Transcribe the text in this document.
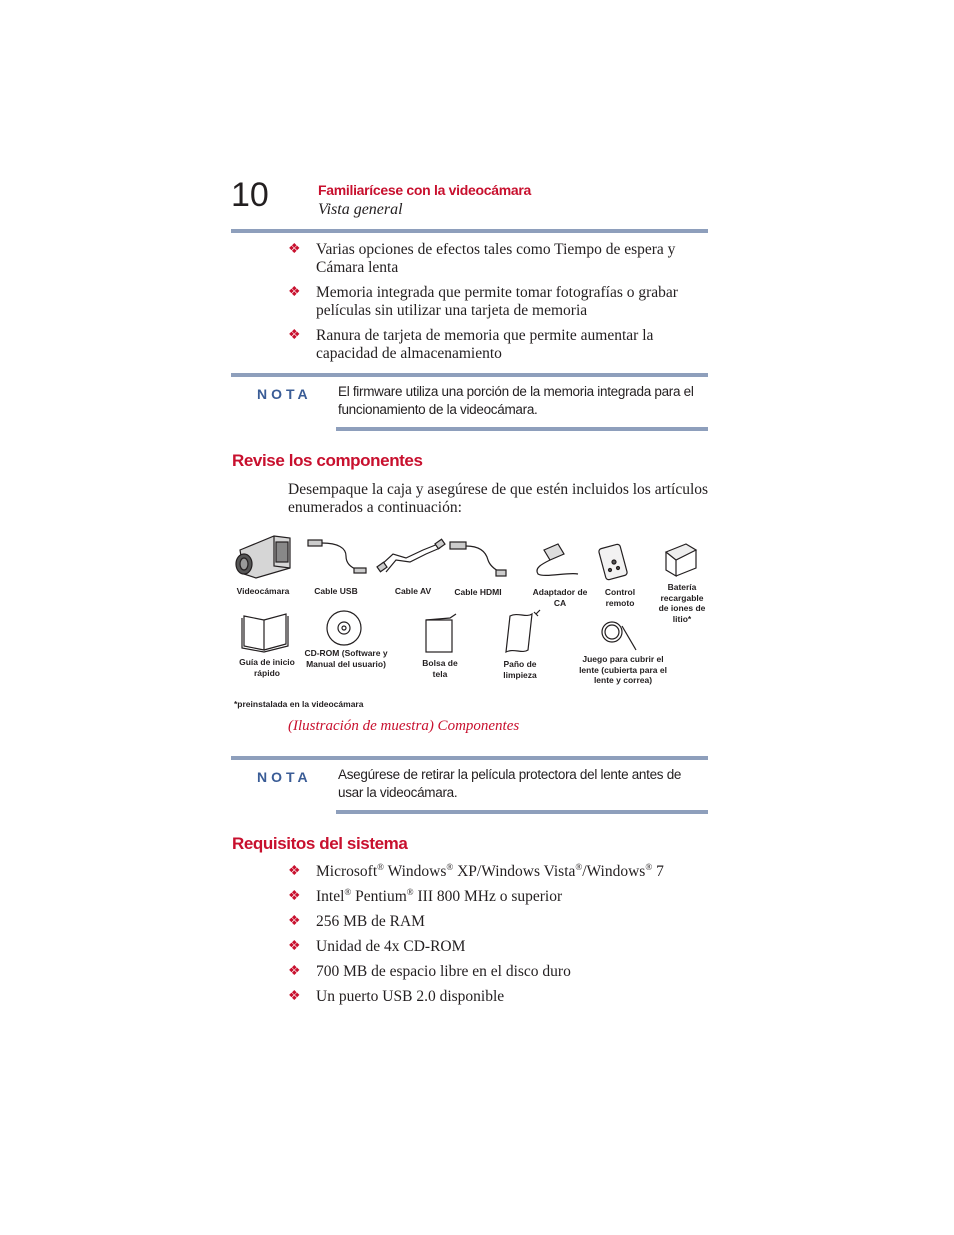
10	Familiarícese con la videocámara
Vista general
❖ Varias opciones de efectos tales como Tiempo de espera y Cámara lenta
❖ Memoria integrada que permite tomar fotografías o grabar películas sin utilizar una tarjeta de memoria
❖ Ranura de tarjeta de memoria que permite aumentar la capacidad de almacenamiento
NOTA El firmware utiliza una porción de la memoria integrada para el funcionamiento de la videocámara.
Revise los componentes
Desempaque la caja y asegúrese de que estén incluidos los artículos enumerados a continuación:
Videocámara	Cable USB	Cable AV	Cable HDMI	Adaptador de CA
Control remoto
Batería recargable de iones de litio*
Guía de inicio rápido
CD-ROM (Software y Manual del usuario)	Bolsa de tela
Paño de limpieza
Juego para cubrir el lente (cubierta para el lente y correa)
*preinstalada en la videocámara
(Ilustración de muestra) Componentes
NOTA Asegúrese de retirar la película protectora del lente antes de usar la videocámara.
Requisitos del sistema
❖ Microsoft® Windows® XP/Windows Vista®/Windows® 7
❖ Intel® Pentium® III 800 MHz o superior
❖ 256 MB de RAM
❖ Unidad de 4x CD-ROM
❖ 700 MB de espacio libre en el disco duro
❖ Un puerto USB 2.0 disponible
